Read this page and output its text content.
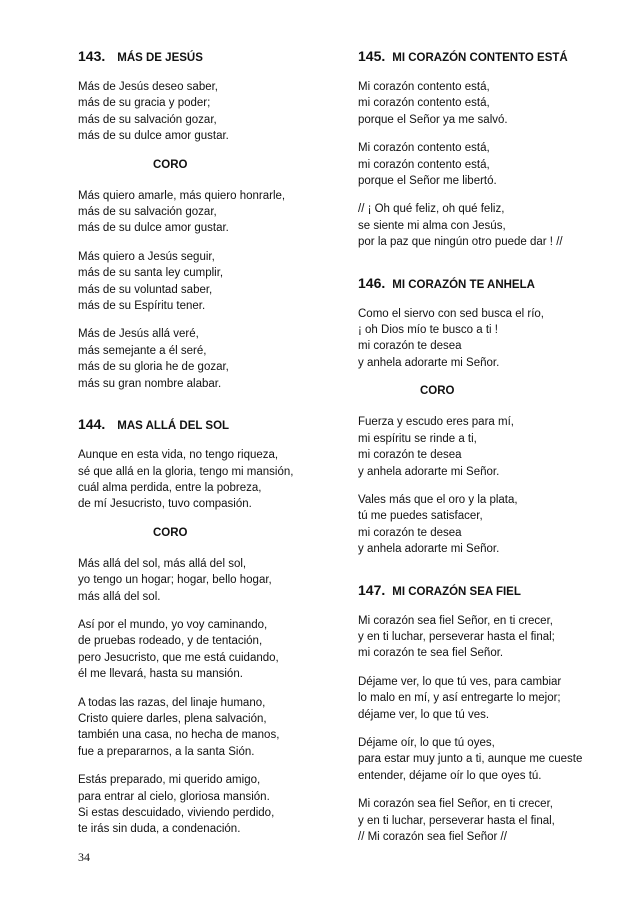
143. MÁS DE JESÚS
Más de Jesús deseo saber,
más de su gracia y poder;
más de su salvación gozar,
más de su dulce amor gustar.
CORO
Más quiero amarle, más quiero honrarle,
más de su salvación gozar,
más de su dulce amor gustar.
Más quiero a Jesús seguir,
más de su santa ley cumplir,
más de su voluntad saber,
más de su Espíritu tener.
Más de Jesús allá veré,
más semejante a él seré,
más de su gloria he de gozar,
más su gran nombre alabar.
144. MAS ALLÁ DEL SOL
Aunque en esta vida, no tengo riqueza,
sé que allá en la gloria, tengo mi mansión,
cuál alma perdida, entre la pobreza,
de mí Jesucristo, tuvo compasión.
CORO
Más allá del sol, más allá del sol,
yo tengo un hogar; hogar, bello hogar,
más allá del sol.
Así por el mundo, yo voy caminando,
de pruebas rodeado, y de tentación,
pero Jesucristo, que me está cuidando,
él me llevará, hasta su mansión.
A todas las razas, del linaje humano,
Cristo quiere darles, plena salvación,
también una casa, no hecha de manos,
fue a prepararnos, a la santa Sión.
Estás preparado, mi querido amigo,
para entrar al cielo, gloriosa mansión.
Si estas descuidado, viviendo perdido,
te irás sin duda, a condenación.
145. MI CORAZÓN CONTENTO ESTÁ
Mi corazón contento está,
mi corazón contento está,
porque el Señor ya me salvó.
Mi corazón contento está,
mi corazón contento está,
porque el Señor me libertó.
// ¡ Oh qué feliz, oh qué feliz,
se siente mi alma con Jesús,
por la paz que ningún otro puede dar ! //
146. MI CORAZÓN TE ANHELA
Como el siervo con sed busca el río,
¡ oh Dios mío te busco a ti !
mi corazón te desea
y anhela adorarte mi Señor.
CORO
Fuerza y escudo eres para mí,
mi espíritu se rinde a ti,
mi corazón te desea
y anhela adorarte mi Señor.
Vales más que el oro y la plata,
tú me puedes satisfacer,
mi corazón te desea
y anhela adorarte mi Señor.
147. MI CORAZÓN SEA FIEL
Mi corazón sea fiel Señor, en ti crecer,
y en ti luchar, perseverar hasta el final;
mi corazón te sea fiel Señor.
Déjame ver, lo que tú ves, para cambiar
lo malo en mí, y así entregarte lo mejor;
déjame ver, lo que tú ves.
Déjame oír, lo que tú oyes,
para estar muy junto a ti, aunque me cueste
entender, déjame oír lo que oyes tú.
Mi corazón sea fiel Señor, en ti crecer,
y en ti luchar, perseverar hasta el final,
// Mi corazón sea fiel Señor //
34
